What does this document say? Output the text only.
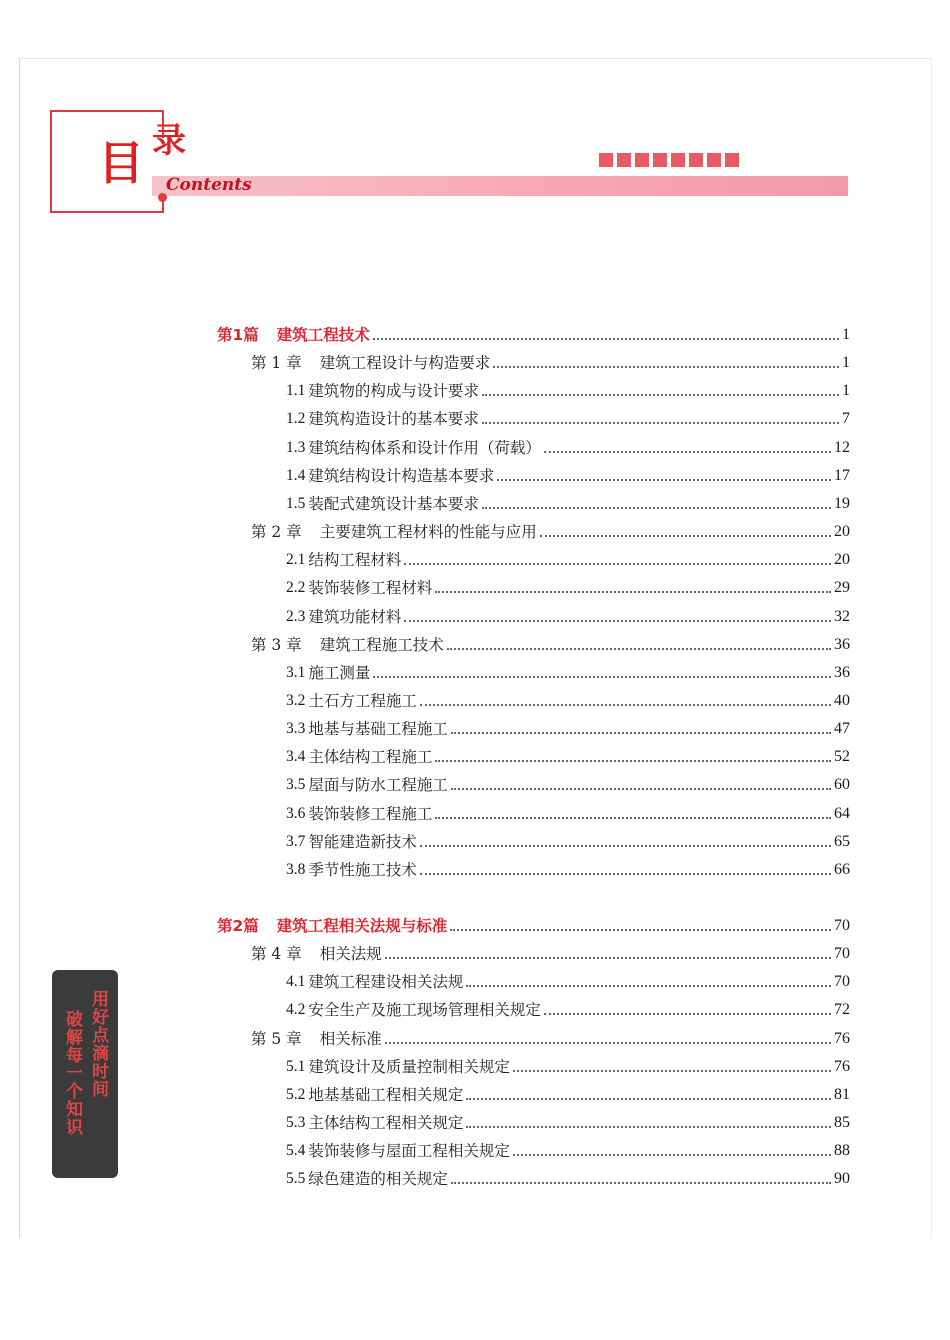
目 录
Contents
第1篇 建筑工程技术	1
第 1 章 建筑工程设计与构造要求	1
1.1 建筑物的构成与设计要求	1
1.2 建筑构造设计的基本要求	7
1.3 建筑结构体系和设计作用（荷载）	12
1.4 建筑结构设计构造基本要求	17
1.5 装配式建筑设计基本要求	19
第 2 章 主要建筑工程材料的性能与应用	20
2.1 结构工程材料	20
2.2 装饰装修工程材料	29
2.3 建筑功能材料	32
第 3 章 建筑工程施工技术	36
3.1 施工测量	36
3.2 土石方工程施工	40
3.3 地基与基础工程施工	47
3.4 主体结构工程施工	52
3.5 屋面与防水工程施工	60
3.6 装饰装修工程施工	64
3.7 智能建造新技术	65
3.8 季节性施工技术	66
第2篇 建筑工程相关法规与标准	70
第 4 章 相关法规	70
4.1 建筑工程建设相关法规	70
4.2 安全生产及施工现场管理相关规定	72
第 5 章 相关标准	76
5.1 建筑设计及质量控制相关规定	76
5.2 地基基础工程相关规定	81
5.3 主体结构工程相关规定	85
5.4 装饰装修与屋面工程相关规定	88
5.5 绿色建造的相关规定	90
用好点滴时间
破解每一个知识
